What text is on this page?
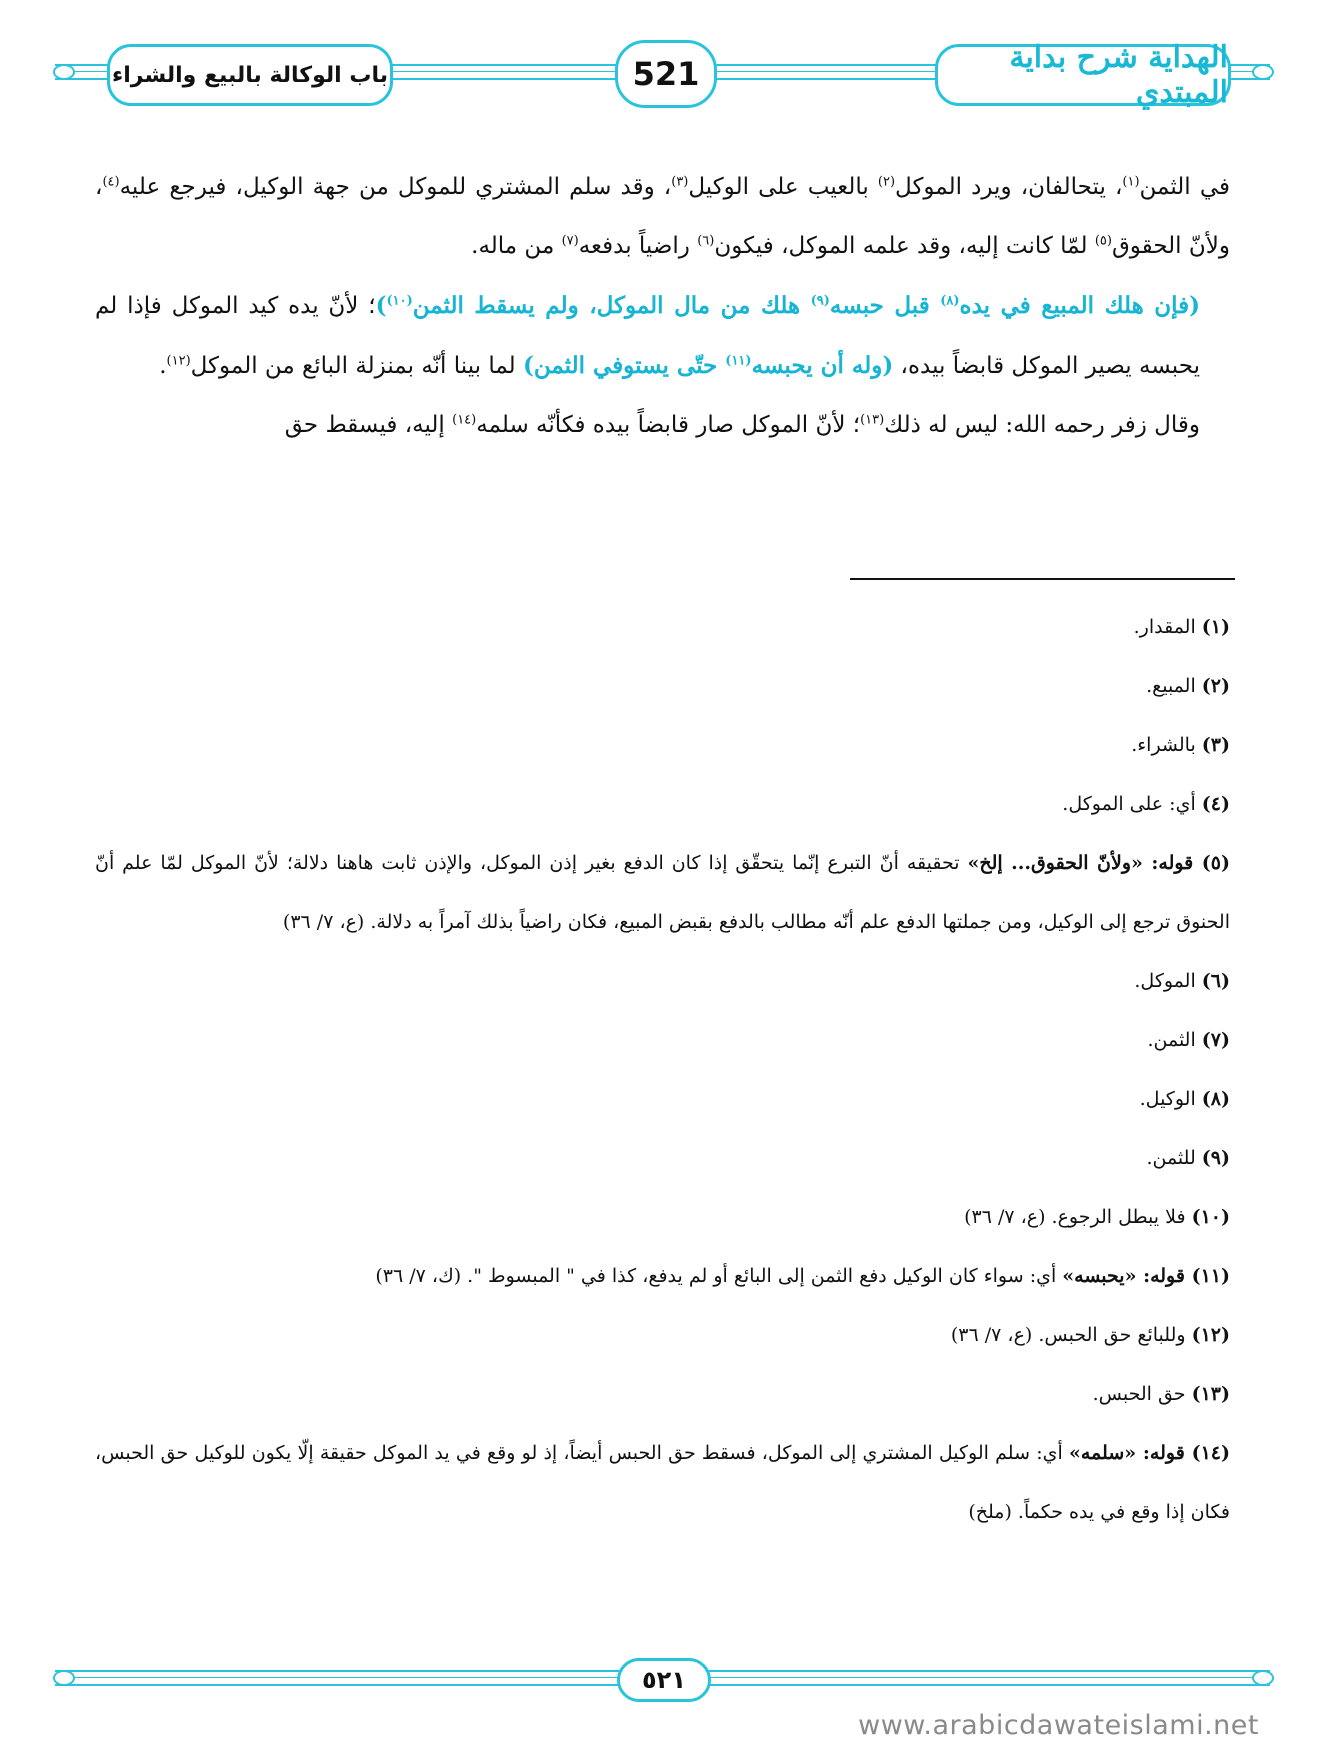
باب الوكالة بالبيع والشراء	521	الهداية شرح بداية المبتدي

في الثمن$^{(١)}$، يتحالفان، ويرد الموكل$^{(٢)}$ بالعيب على الوكيل$^{(٣)}$، وقد سلم المشتري للموكل من جهة الوكيل، فيرجع عليه$^{(٤)}$، ولأنّ الحقوق$^{(٥)}$ لمّا كانت إليه، وقد علمه الموكل، فيكون$^{(٦)}$ راضياً بدفعه$^{(٧)}$ من ماله.

(فإن هلك المبيع في يده$^{(٨)}$ قبل حبسه$^{(٩)}$ هلك من مال الموكل، ولم يسقط الثمن$^{(١٠)}$)؛ لأنّ يده كيد الموكل فإذا لم يحبسه يصير الموكل قابضاً بيده، (وله أن يحبسه$^{(١١)}$ حتّى يستوفي الثمن) لما بينا أنّه بمنزلة البائع من الموكل$^{(١٢)}$.

وقال زفر رحمه الله: ليس له ذلك$^{(١٣)}$؛ لأنّ الموكل صار قابضاً بيده فكأنّه سلمه$^{(١٤)}$ إليه، فيسقط حق

(١) المقدار.
(٢) المبيع.
(٣) بالشراء.
(٤) أي: على الموكل.
(٥) قوله: «ولأنّ الحقوق... إلخ» تحقيقه أنّ التبرع إنّما يتحقّق إذا كان الدفع بغير إذن الموكل، والإذن ثابت هاهنا دلالة؛ لأنّ الموكل لمّا علم أنّ الحنوق ترجع إلى الوكيل، ومن جملتها الدفع علم أنّه مطالب بالدفع بقبض المبيع، فكان راضياً بذلك آمراً به دلالة. (ع، ٧/ ٣٦)
(٦) الموكل.
(٧) الثمن.
(٨) الوكيل.
(٩) للثمن.
(١٠) فلا يبطل الرجوع. (ع، ٧/ ٣٦)
(١١) قوله: «يحبسه» أي: سواء كان الوكيل دفع الثمن إلى البائع أو لم يدفع، كذا في " المبسوط ". (ك، ٧/ ٣٦)
(١٢) وللبائع حق الحبس. (ع، ٧/ ٣٦)
(١٣) حق الحبس.
(١٤) قوله: «سلمه» أي: سلم الوكيل المشتري إلى الموكل، فسقط حق الحبس أيضاً، إذ لو وقع في يد الموكل حقيقة إلّا يكون للوكيل حق الحبس، فكان إذا وقع في يده حكماً. (ملخ)
٥٢١
www.arabicdawateislami.net
